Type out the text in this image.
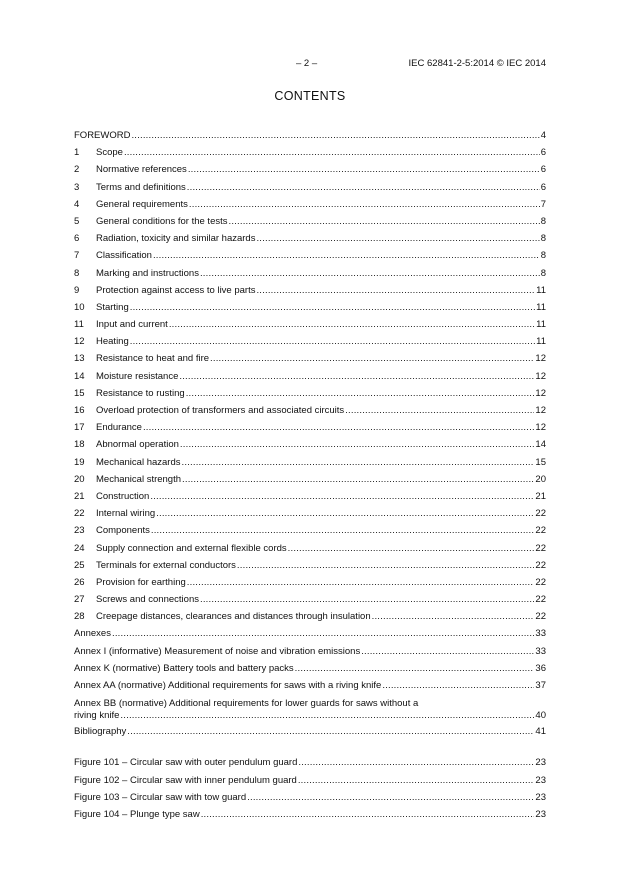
– 2 –	IEC 62841-2-5:2014 © IEC 2014
CONTENTS
FOREWORD .....	4
1	Scope .....	6
2	Normative references .....	6
3	Terms and definitions .....	6
4	General requirements .....	7
5	General conditions for the tests .....	8
6	Radiation, toxicity and similar hazards .....	8
7	Classification .....	8
8	Marking and instructions .....	8
9	Protection against access to live parts .....	11
10	Starting .....	11
11	Input and current .....	11
12	Heating .....	11
13	Resistance to heat and fire .....	12
14	Moisture resistance .....	12
15	Resistance to rusting .....	12
16	Overload protection of transformers and associated circuits .....	12
17	Endurance .....	12
18	Abnormal operation .....	14
19	Mechanical hazards .....	15
20	Mechanical strength .....	20
21	Construction .....	21
22	Internal wiring .....	22
23	Components .....	22
24	Supply connection and external flexible cords .....	22
25	Terminals for external conductors .....	22
26	Provision for earthing .....	22
27	Screws and connections .....	22
28	Creepage distances, clearances and distances through insulation .....	22
Annexes .....	33
Annex I (informative) Measurement of noise and vibration emissions .....	33
Annex K (normative) Battery tools and battery packs .....	36
Annex AA (normative) Additional requirements for saws with a riving knife .....	37
Annex BB (normative) Additional requirements for lower guards for saws without a
riving knife .....	40
Bibliography .....	41
Figure 101 – Circular saw with outer pendulum guard .....	23
Figure 102 – Circular saw with inner pendulum guard .....	23
Figure 103 – Circular saw with tow guard .....	23
Figure 104 – Plunge type saw .....	23
